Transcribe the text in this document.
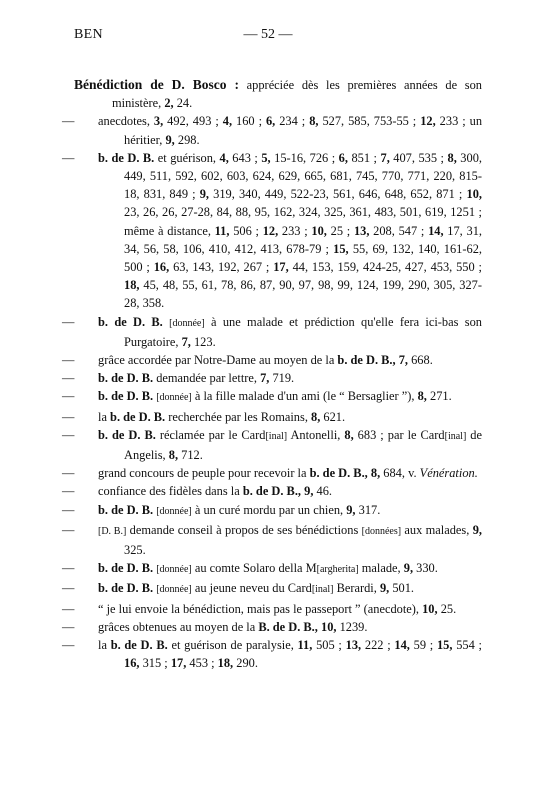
BEN	— 52 —

Bénédiction de D. Bosco : appréciée dès les premières années de son ministère, 2, 24.

— anecdotes, 3, 492, 493 ; 4, 160 ; 6, 234 ; 8, 527, 585, 753-55 ; 12, 233 ; un héritier, 9, 298.

— b. de D. B. et guérison, 4, 643 ; 5, 15-16, 726 ; 6, 851 ; 7, 407, 535 ; 8, 300, 449, 511, 592, 602, 603, 624, 629, 665, 681, 745, 770, 771, 220, 815-18, 831, 849 ; 9, 319, 340, 449, 522-23, 561, 646, 648, 652, 871 ; 10, 23, 26, 26, 27-28, 84, 88, 95, 162, 324, 325, 361, 483, 501, 619, 1251 ; même à distance, 11, 506 ; 12, 233 ; 10, 25 ; 13, 208, 547 ; 14, 17, 31, 34, 56, 58, 106, 410, 412, 413, 678-79 ; 15, 55, 69, 132, 140, 161-62, 500 ; 16, 63, 143, 192, 267 ; 17, 44, 153, 159, 424-25, 427, 453, 550 ; 18, 45, 48, 55, 61, 78, 86, 87, 90, 97, 98, 99, 124, 199, 290, 305, 327-28, 358.

— b. de D. B. [donnée] à une malade et prédiction qu'elle fera ici-bas son Purgatoire, 7, 123.

— grâce accordée par Notre-Dame au moyen de la b. de D. B., 7, 668.

— b. de D. B. demandée par lettre, 7, 719.

— b. de D. B. [donnée] à la fille malade d'un ami (le “ Bersaglier ”), 8, 271.

— la b. de D. B. recherchée par les Romains, 8, 621.

— b. de D. B. réclamée par le Card[inal] Antonelli, 8, 683 ; par le Card[inal] de Angelis, 8, 712.

— grand concours de peuple pour recevoir la b. de D. B., 8, 684, v. Vénération.

— confiance des fidèles dans la b. de D. B., 9, 46.

— b. de D. B. [donnée] à un curé mordu par un chien, 9, 317.

— [D. B.] demande conseil à propos de ses bénédictions [données] aux malades, 9, 325.

— b. de D. B. [donnée] au comte Solaro della M[argherita] malade, 9, 330.

— b. de D. B. [donnée] au jeune neveu du Card[inal] Berardi, 9, 501.

— “ je lui envoie la bénédiction, mais pas le passeport ” (anecdote), 10, 25.

— grâces obtenues au moyen de la B. de D. B., 10, 1239.

— la b. de D. B. et guérison de paralysie, 11, 505 ; 13, 222 ; 14, 59 ; 15, 554 ; 16, 315 ; 17, 453 ; 18, 290.
